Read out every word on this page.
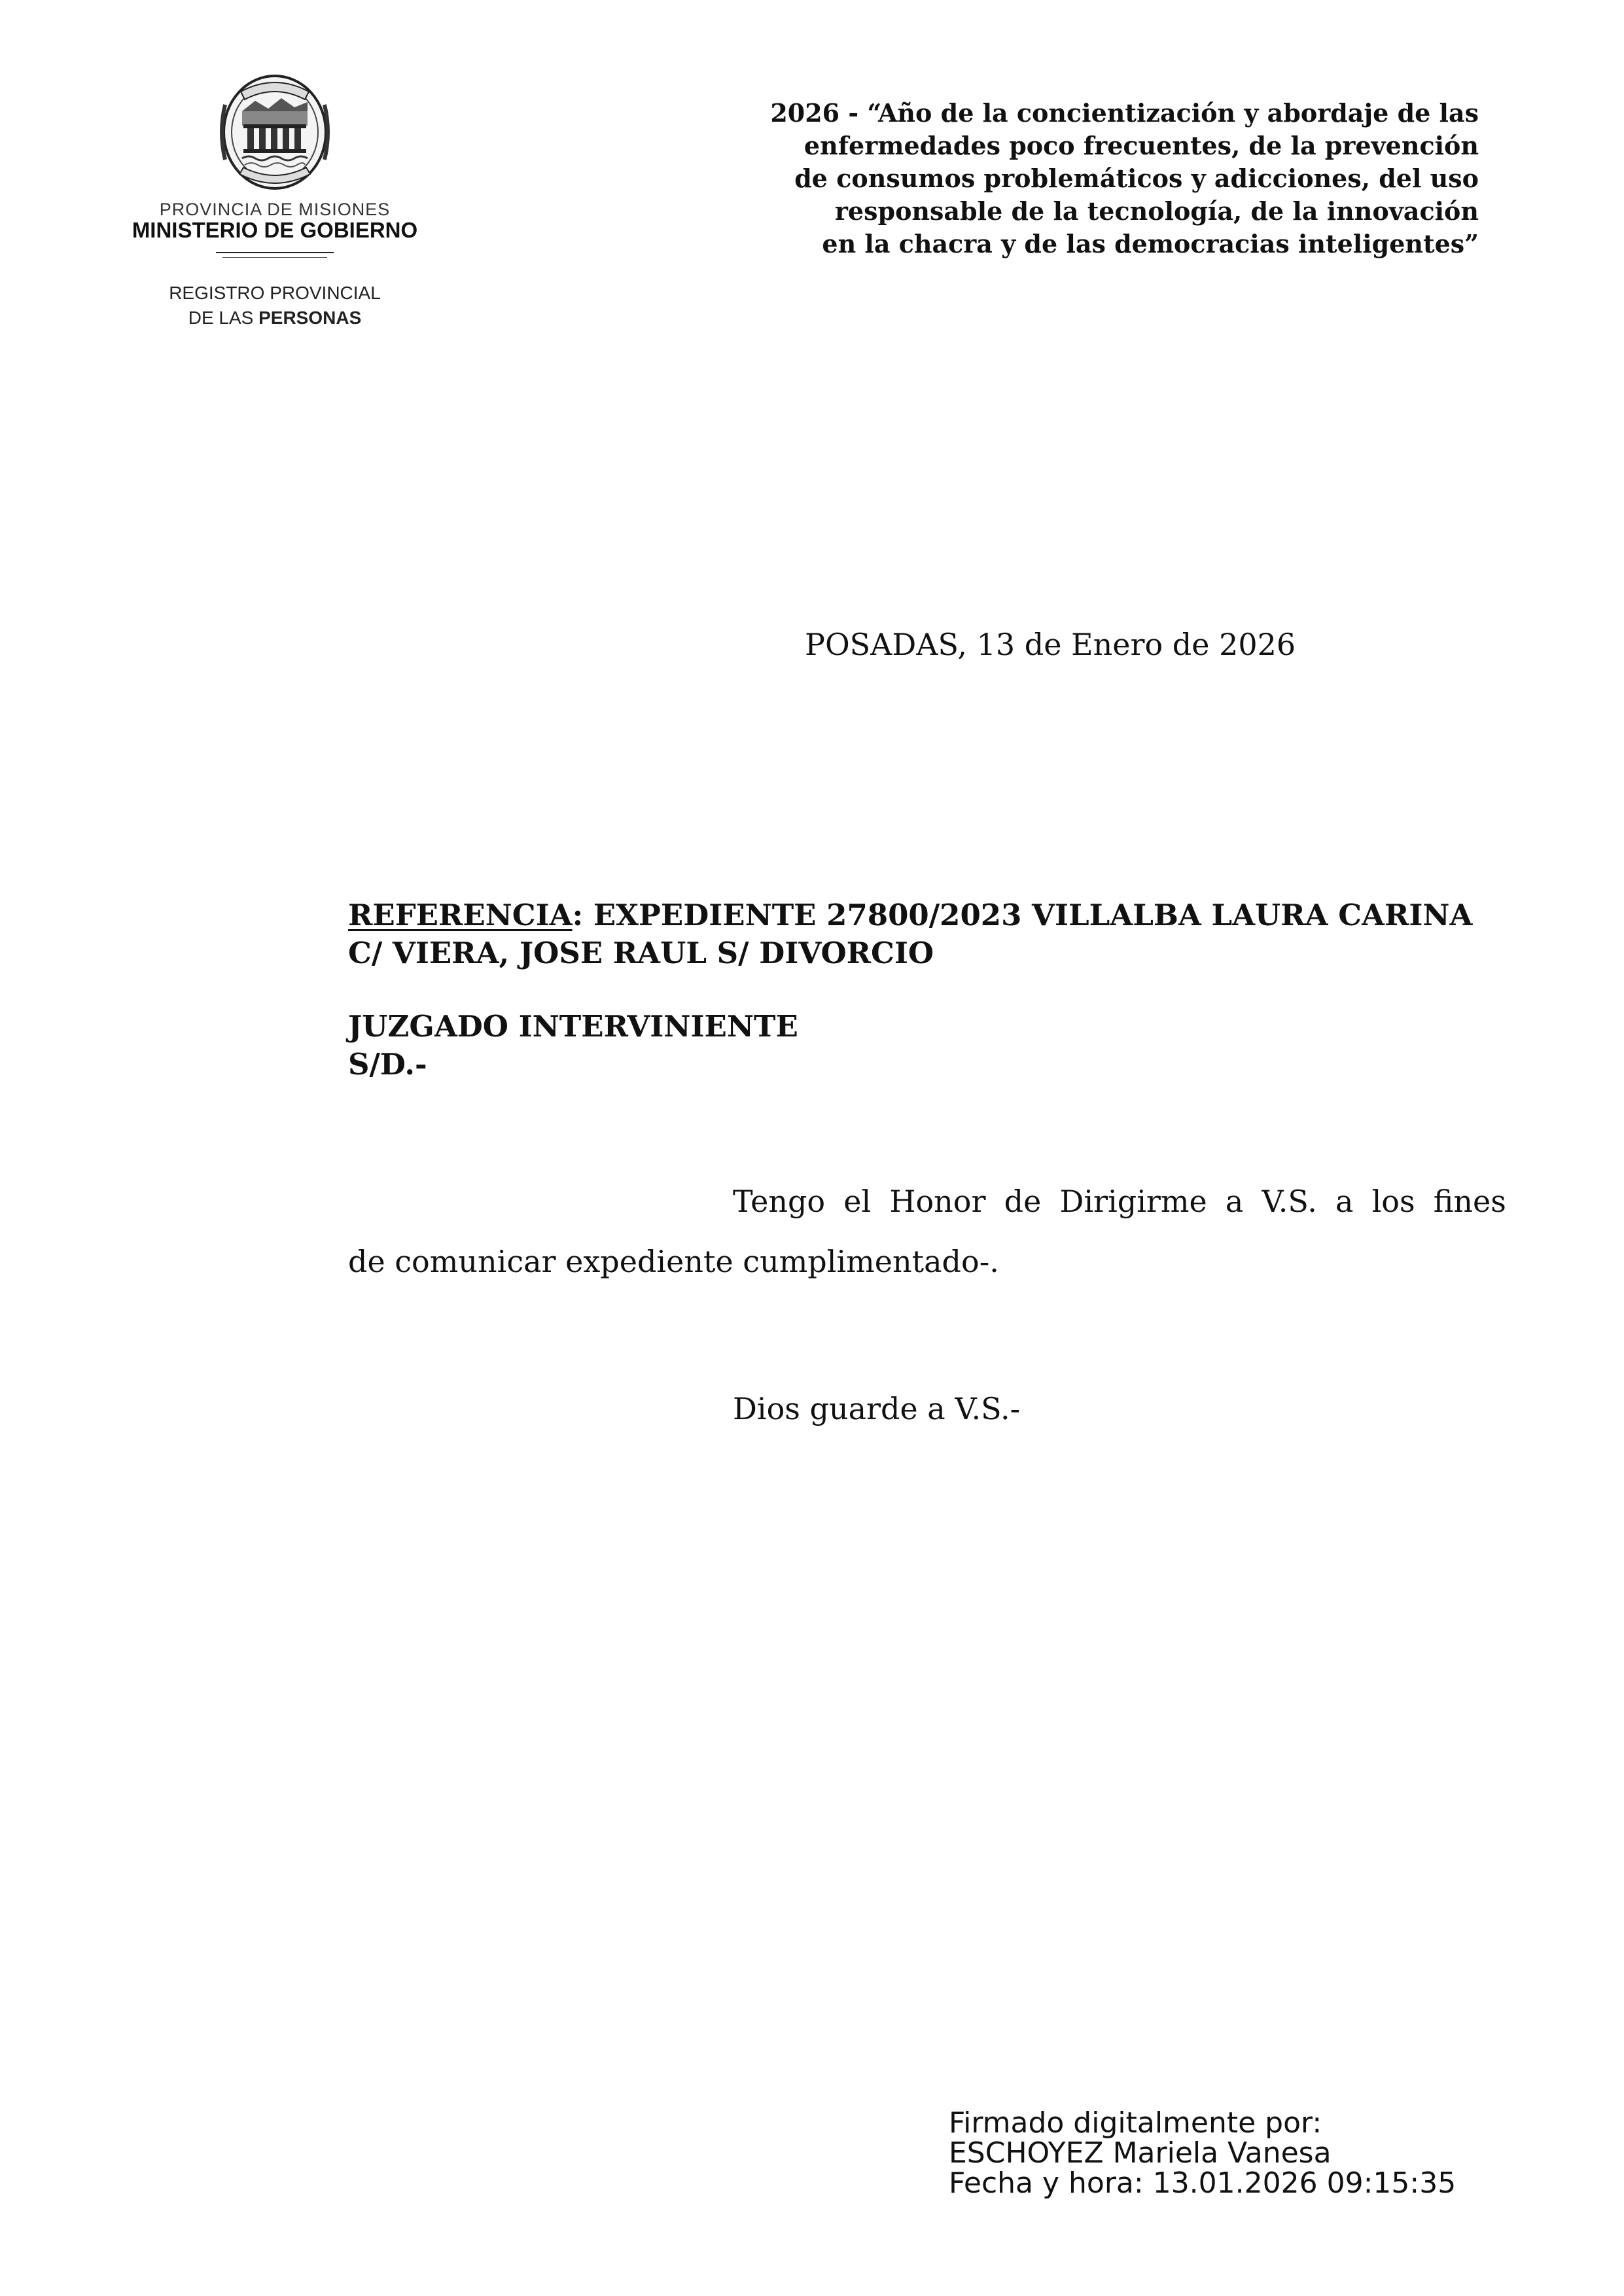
PROVINCIA DE MISIONES
MINISTERIO DE GOBIERNO
REGISTRO PROVINCIAL
DE LAS PERSONAS
2026 - “Año de la concientización y abordaje de las
enfermedades poco frecuentes, de la prevención
de consumos problemáticos y adicciones, del uso
responsable de la tecnología, de la innovación
en la chacra y de las democracias inteligentes”
POSADAS, 13 de Enero de 2026
REFERENCIA: EXPEDIENTE 27800/2023 VILLALBA LAURA CARINA
C/ VIERA, JOSE RAUL S/ DIVORCIO
JUZGADO INTERVINIENTE
S/D.-
Tengo el Honor de Dirigirme a V.S. a los fines
de comunicar expediente cumplimentado-.
Dios guarde a V.S.-
Firmado digitalmente por:
ESCHOYEZ Mariela Vanesa
Fecha y hora: 13.01.2026 09:15:35
